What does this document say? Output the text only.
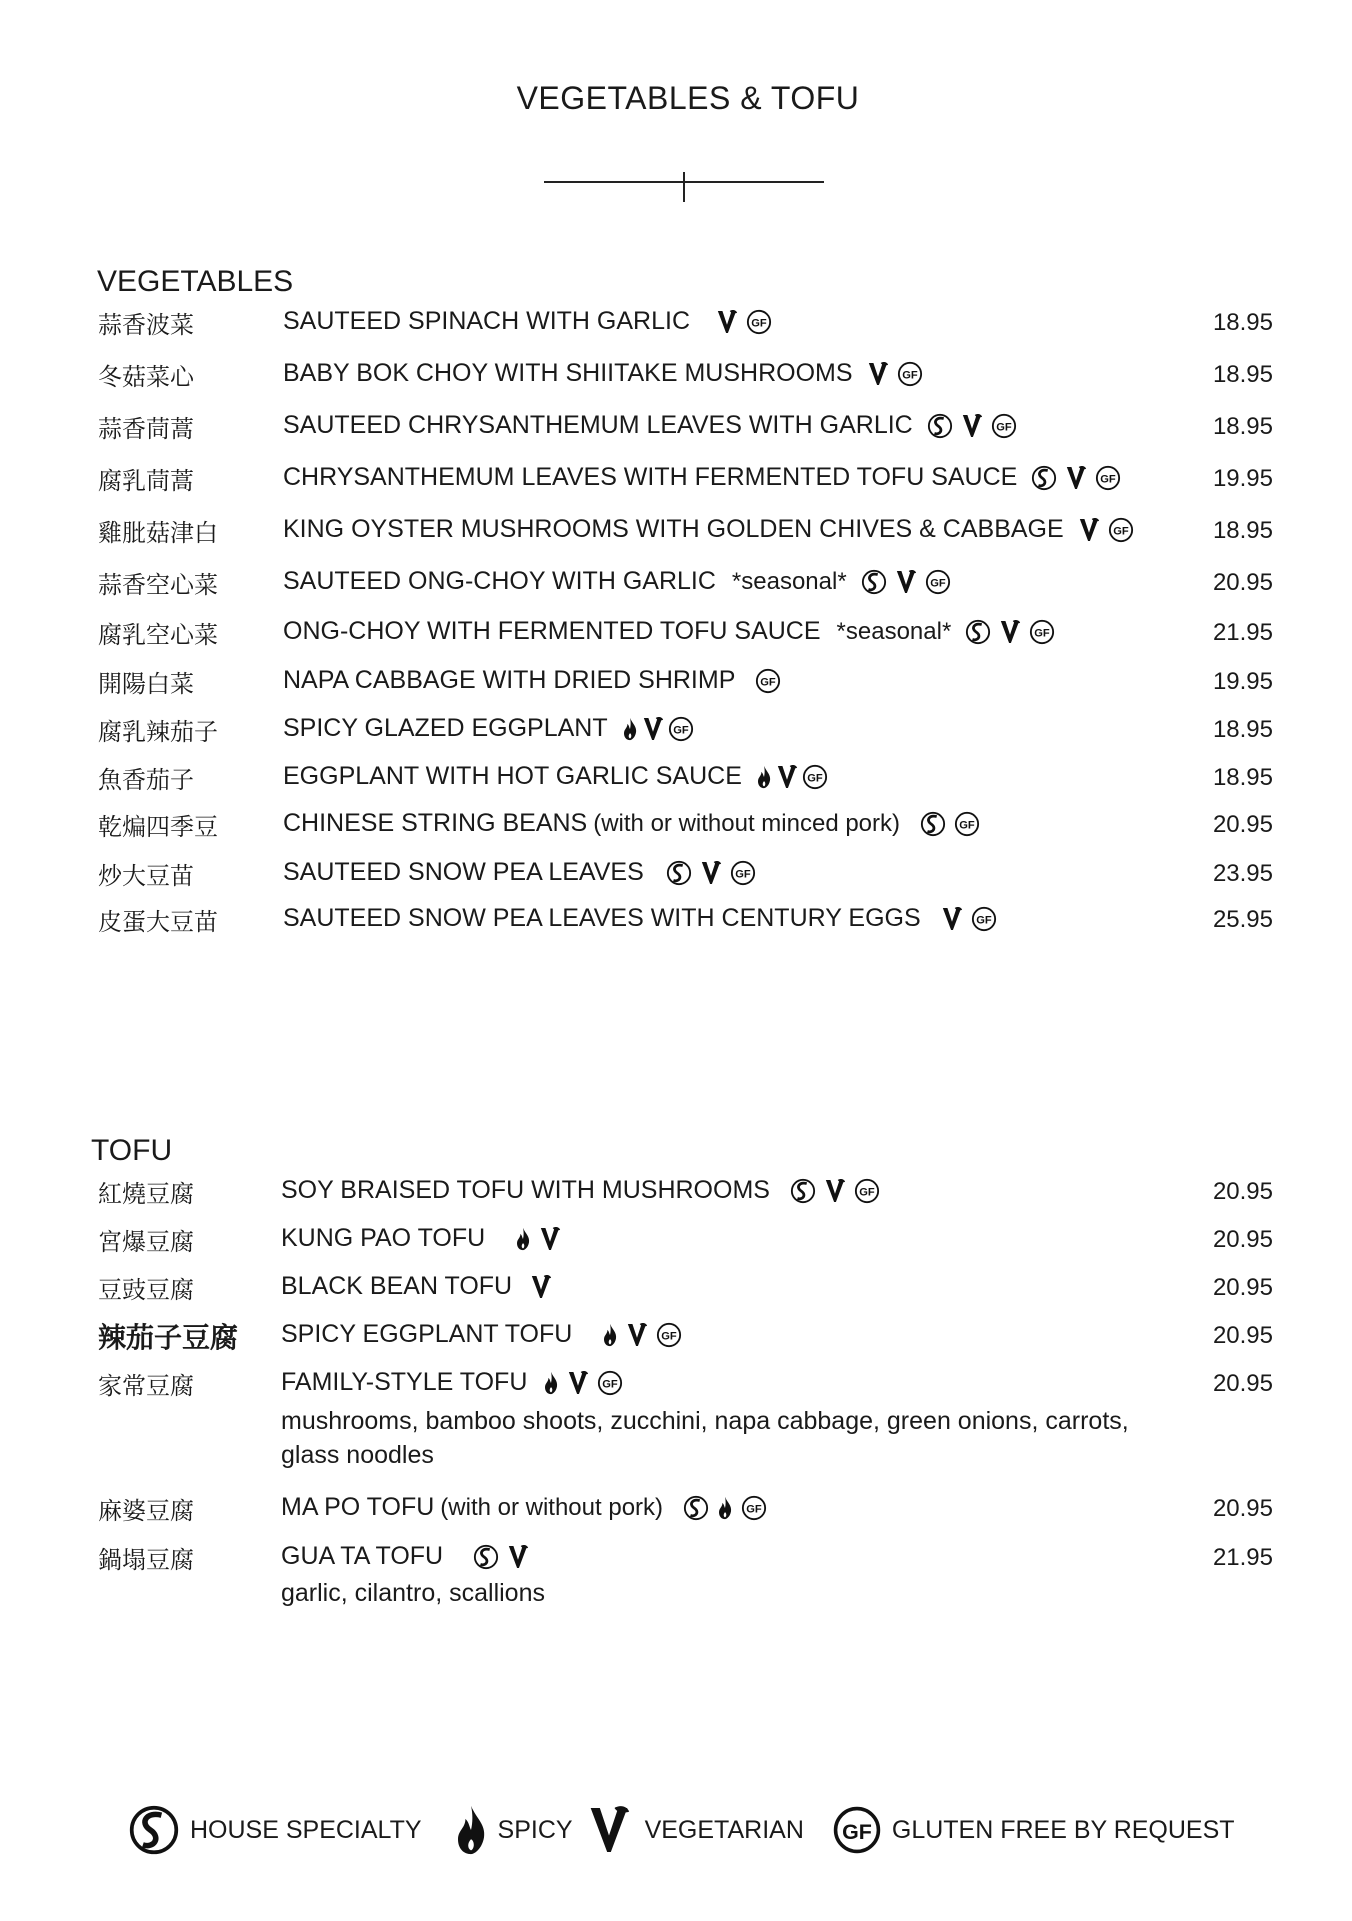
VEGETABLES & TOFU
VEGETABLES
蒜香波菜	SAUTEED SPINACH WITH GARLIC	18.95
冬菇菜心	BABY BOK CHOY WITH SHIITAKE MUSHROOMS	18.95
蒜香茼蒿	SAUTEED CHRYSANTHEMUM LEAVES WITH GARLIC	18.95
腐乳茼蒿	CHRYSANTHEMUM LEAVES WITH FERMENTED TOFU SAUCE	19.95
雞肶菇津白	KING OYSTER MUSHROOMS WITH GOLDEN CHIVES & CABBAGE	18.95
蒜香空心菜	SAUTEED ONG-CHOY WITH GARLIC *seasonal*	20.95
腐乳空心菜	ONG-CHOY WITH FERMENTED TOFU SAUCE *seasonal*	21.95
開陽白菜	NAPA CABBAGE WITH DRIED SHRIMP	19.95
腐乳辣茄子	SPICY GLAZED EGGPLANT	18.95
魚香茄子	EGGPLANT WITH HOT GARLIC SAUCE	18.95
乾煸四季豆	CHINESE STRING BEANS (with or without minced pork)	20.95
炒大豆苗	SAUTEED SNOW PEA LEAVES	23.95
皮蛋大豆苗	SAUTEED SNOW PEA LEAVES WITH CENTURY EGGS	25.95
TOFU
紅燒豆腐	SOY BRAISED TOFU WITH MUSHROOMS	20.95
宮爆豆腐	KUNG PAO TOFU	20.95
豆豉豆腐	BLACK BEAN TOFU	20.95
辣茄子豆腐 SPICY EGGPLANT TOFU	20.95
家常豆腐	FAMILY-STYLE TOFU	20.95
mushrooms, bamboo shoots, zucchini, napa cabbage, green onions, carrots, glass noodles
麻婆豆腐	MA PO TOFU (with or without pork)	20.95
鍋塌豆腐	GUA TA TOFU	21.95
garlic, cilantro, scallions
HOUSE SPECIALTY	SPICY	VEGETARIAN	GLUTEN FREE BY REQUEST
